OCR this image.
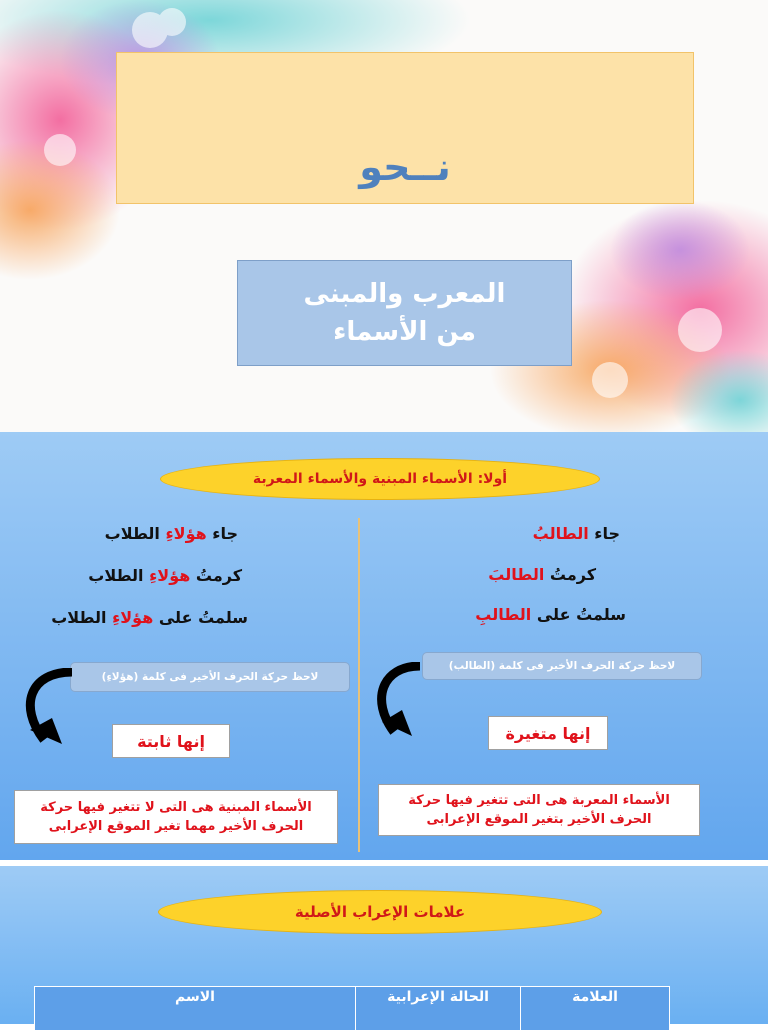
نــحو
المعرب والمبنى
من الأسماء
أولا: الأسماء المبنية والأسماء المعربة
جاء الطالبُ
كرمتُ الطالبَ
سلمتُ على الطالبِ
لاحظ حركة الحرف الأخير فى كلمة (الطالب)
إنها متغيرة
الأسماء المعربة هى التى تتغير فيها حركة الحرف الأخير بتغير الموقع الإعرابى
جاء هؤلاءِ الطلاب
كرمتُ هؤلاءِ الطلاب
سلمتُ على هؤلاءِ الطلاب
لاحظ حركة الحرف الأخير فى كلمة (هؤلاءِ)
إنها ثابتة
الأسماء المبنية هى التى لا تتغير فيها حركة الحرف الأخير مهما تغير الموقع الإعرابى
علامات الإعراب الأصلية
العلامة	الحالة الإعرابية	الاسم
